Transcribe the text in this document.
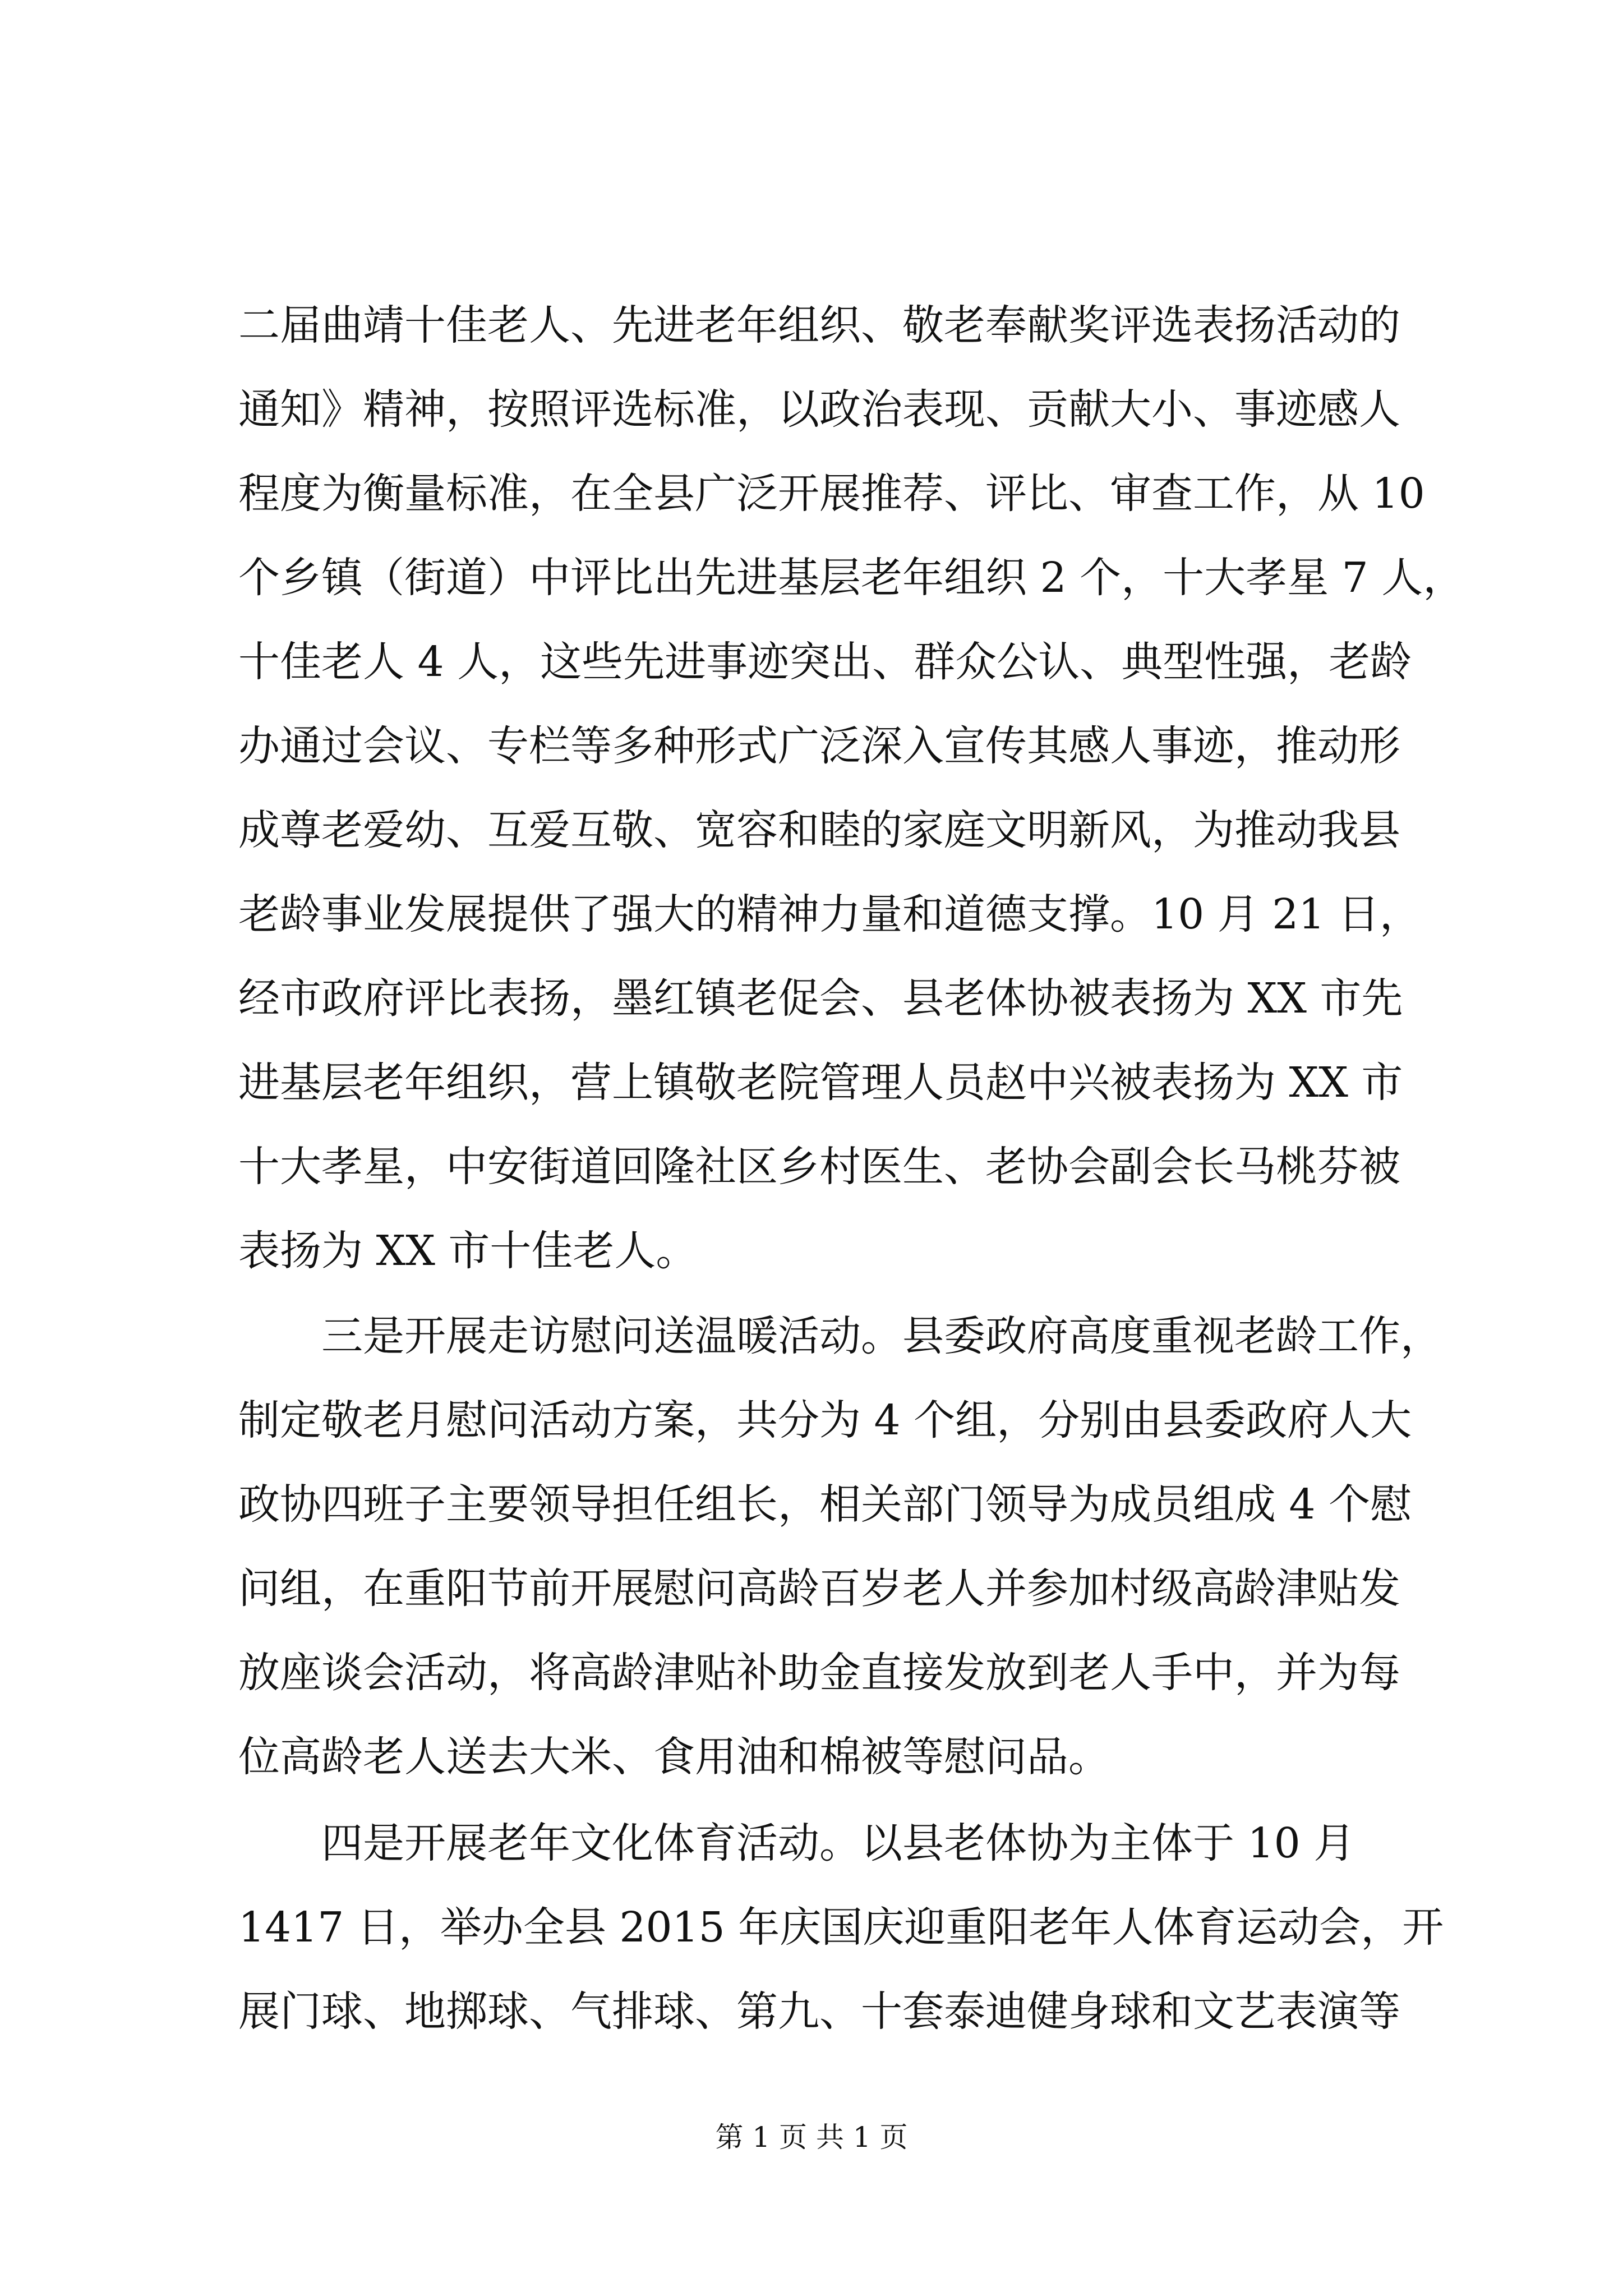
二届曲靖十佳老人、先进老年组织、敬老奉献奖评选表扬活动的
通知》精神，按照评选标准，以政治表现、贡献大小、事迹感人
程度为衡量标准，在全县广泛开展推荐、评比、审查工作，从 10
个乡镇（街道）中评比出先进基层老年组织 2 个，十大孝星 7 人，
十佳老人 4 人，这些先进事迹突出、群众公认、典型性强，老龄
办通过会议、专栏等多种形式广泛深入宣传其感人事迹，推动形
成尊老爱幼、互爱互敬、宽容和睦的家庭文明新风，为推动我县
老龄事业发展提供了强大的精神力量和道德支撑。10 月 21 日，
经市政府评比表扬，墨红镇老促会、县老体协被表扬为 XX 市先
进基层老年组织，营上镇敬老院管理人员赵中兴被表扬为 XX 市
十大孝星，中安街道回隆社区乡村医生、老协会副会长马桃芬被
表扬为 XX 市十佳老人。
三是开展走访慰问送温暖活动。县委政府高度重视老龄工作，
制定敬老月慰问活动方案，共分为 4 个组，分别由县委政府人大
政协四班子主要领导担任组长，相关部门领导为成员组成 4 个慰
问组，在重阳节前开展慰问高龄百岁老人并参加村级高龄津贴发
放座谈会活动，将高龄津贴补助金直接发放到老人手中，并为每
位高龄老人送去大米、食用油和棉被等慰问品。
四是开展老年文化体育活动。以县老体协为主体于 10 月
1417 日，举办全县 2015 年庆国庆迎重阳老年人体育运动会，开
展门球、地掷球、气排球、第九、十套泰迪健身球和文艺表演等
第 1 页 共 1 页
